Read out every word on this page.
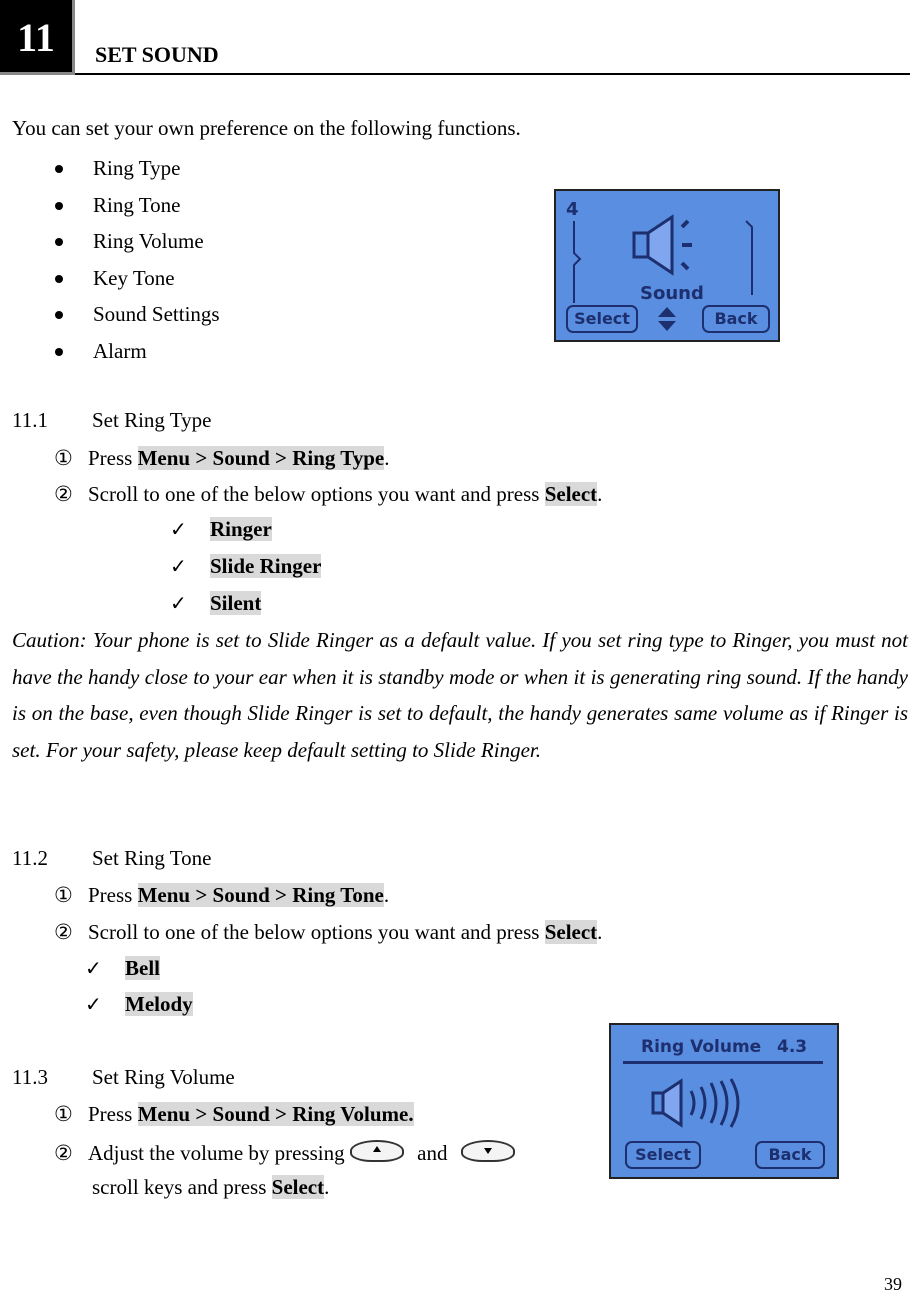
11	SET SOUND
You can set your own preference on the following functions.
Ring Type
Ring Tone
Ring Volume
Key Tone
Sound Settings
Alarm
4
Sound
Select	Back
11.1 Set Ring Type
① Press Menu > Sound > Ring Type.
② Scroll to one of the below options you want and press Select.
✓ Ringer
✓ Slide Ringer
✓ Silent

Caution: Your phone is set to Slide Ringer as a default value. If you set ring type to Ringer, you must not have the handy close to your ear when it is standby mode or when it is generating ring sound. If the handy is on the base, even though Slide Ringer is set to default, the handy generates same volume as if Ringer is set. For your safety, please keep default setting to Slide Ringer.

11.2 Set Ring Tone
① Press Menu > Sound > Ring Tone.
② Scroll to one of the below options you want and press Select.
✓ Bell
✓ Melody
Ring Volume 4.3
Select	Back
11.3 Set Ring Volume
① Press Menu > Sound > Ring Volume.
② Adjust the volume by pressing	and
scroll keys and press Select.
39
